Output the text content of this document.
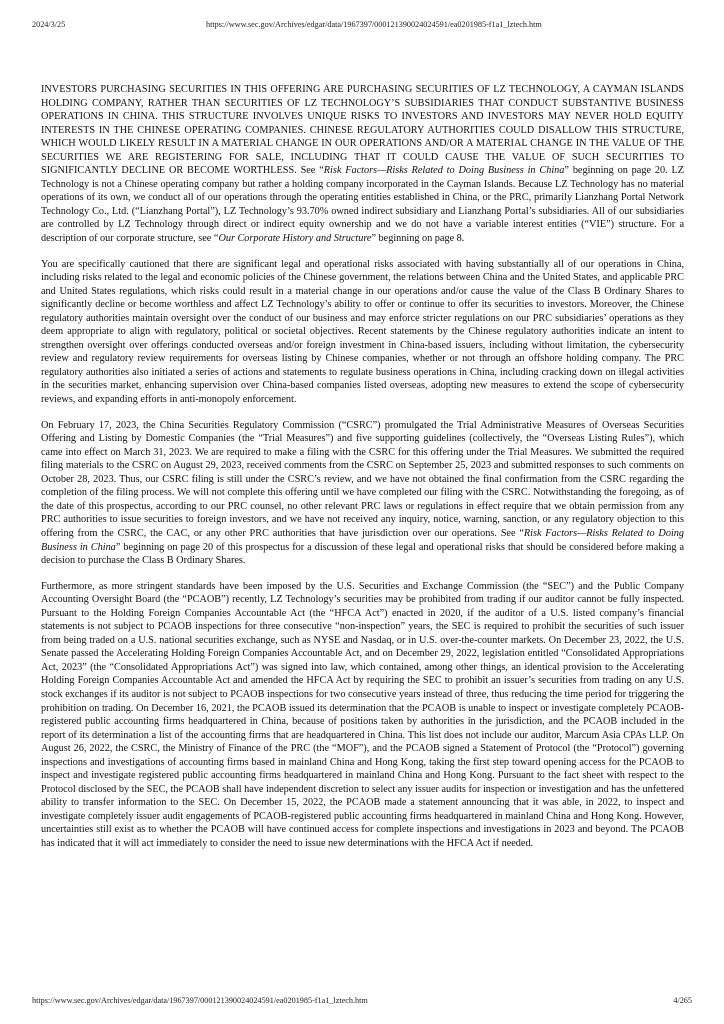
2024/3/25	https://www.sec.gov/Archives/edgar/data/1967397/000121390024024591/ea0201985-f1a1_lztech.htm

INVESTORS PURCHASING SECURITIES IN THIS OFFERING ARE PURCHASING SECURITIES OF LZ TECHNOLOGY, A CAYMAN ISLANDS HOLDING COMPANY, RATHER THAN SECURITIES OF LZ TECHNOLOGY’S SUBSIDIARIES THAT CONDUCT SUBSTANTIVE BUSINESS OPERATIONS IN CHINA. THIS STRUCTURE INVOLVES UNIQUE RISKS TO INVESTORS AND INVESTORS MAY NEVER HOLD EQUITY INTERESTS IN THE CHINESE OPERATING COMPANIES. CHINESE REGULATORY AUTHORITIES COULD DISALLOW THIS STRUCTURE, WHICH WOULD LIKELY RESULT IN A MATERIAL CHANGE IN OUR OPERATIONS AND/OR A MATERIAL CHANGE IN THE VALUE OF THE SECURITIES WE ARE REGISTERING FOR SALE, INCLUDING THAT IT COULD CAUSE THE VALUE OF SUCH SECURITIES TO SIGNIFICANTLY DECLINE OR BECOME WORTHLESS. See “Risk Factors—Risks Related to Doing Business in China” beginning on page 20. LZ Technology is not a Chinese operating company but rather a holding company incorporated in the Cayman Islands. Because LZ Technology has no material operations of its own, we conduct all of our operations through the operating entities established in China, or the PRC, primarily Lianzhang Portal Network Technology Co., Ltd. (“Lianzhang Portal”), LZ Technology’s 93.70% owned indirect subsidiary and Lianzhang Portal’s subsidiaries. All of our subsidiaries are controlled by LZ Technology through direct or indirect equity ownership and we do not have a variable interest entities (“VIE”) structure. For a description of our corporate structure, see “Our Corporate History and Structure” beginning on page 8.

You are specifically cautioned that there are significant legal and operational risks associated with having substantially all of our operations in China, including risks related to the legal and economic policies of the Chinese government, the relations between China and the United States, and applicable PRC and United States regulations, which risks could result in a material change in our operations and/or cause the value of the Class B Ordinary Shares to significantly decline or become worthless and affect LZ Technology’s ability to offer or continue to offer its securities to investors. Moreover, the Chinese regulatory authorities maintain oversight over the conduct of our business and may enforce stricter regulations on our PRC subsidiaries’ operations as they deem appropriate to align with regulatory, political or societal objectives. Recent statements by the Chinese regulatory authorities indicate an intent to strengthen oversight over offerings conducted overseas and/or foreign investment in China-based issuers, including without limitation, the cybersecurity review and regulatory review requirements for overseas listing by Chinese companies, whether or not through an offshore holding company. The PRC regulatory authorities also initiated a series of actions and statements to regulate business operations in China, including cracking down on illegal activities in the securities market, enhancing supervision over China-based companies listed overseas, adopting new measures to extend the scope of cybersecurity reviews, and expanding efforts in anti-monopoly enforcement.

On February 17, 2023, the China Securities Regulatory Commission (“CSRC”) promulgated the Trial Administrative Measures of Overseas Securities Offering and Listing by Domestic Companies (the “Trial Measures”) and five supporting guidelines (collectively, the “Overseas Listing Rules”), which came into effect on March 31, 2023. We are required to make a filing with the CSRC for this offering under the Trial Measures. We submitted the required filing materials to the CSRC on August 29, 2023, received comments from the CSRC on September 25, 2023 and submitted responses to such comments on October 28, 2023. Thus, our CSRC filing is still under the CSRC’s review, and we have not obtained the final confirmation from the CSRC regarding the completion of the filing process. We will not complete this offering until we have completed our filing with the CSRC. Notwithstanding the foregoing, as of the date of this prospectus, according to our PRC counsel, no other relevant PRC laws or regulations in effect require that we obtain permission from any PRC authorities to issue securities to foreign investors, and we have not received any inquiry, notice, warning, sanction, or any regulatory objection to this offering from the CSRC, the CAC, or any other PRC authorities that have jurisdiction over our operations. See “Risk Factors—Risks Related to Doing Business in China” beginning on page 20 of this prospectus for a discussion of these legal and operational risks that should be considered before making a decision to purchase the Class B Ordinary Shares.

Furthermore, as more stringent standards have been imposed by the U.S. Securities and Exchange Commission (the “SEC”) and the Public Company Accounting Oversight Board (the “PCAOB”) recently, LZ Technology’s securities may be prohibited from trading if our auditor cannot be fully inspected. Pursuant to the Holding Foreign Companies Accountable Act (the “HFCA Act”) enacted in 2020, if the auditor of a U.S. listed company’s financial statements is not subject to PCAOB inspections for three consecutive “non-inspection” years, the SEC is required to prohibit the securities of such issuer from being traded on a U.S. national securities exchange, such as NYSE and Nasdaq, or in U.S. over-the-counter markets. On December 23, 2022, the U.S. Senate passed the Accelerating Holding Foreign Companies Accountable Act, and on December 29, 2022, legislation entitled “Consolidated Appropriations Act, 2023” (the “Consolidated Appropriations Act”) was signed into law, which contained, among other things, an identical provision to the Accelerating Holding Foreign Companies Accountable Act and amended the HFCA Act by requiring the SEC to prohibit an issuer’s securities from trading on any U.S. stock exchanges if its auditor is not subject to PCAOB inspections for two consecutive years instead of three, thus reducing the time period for triggering the prohibition on trading. On December 16, 2021, the PCAOB issued its determination that the PCAOB is unable to inspect or investigate completely PCAOB-registered public accounting firms headquartered in China, because of positions taken by authorities in the jurisdiction, and the PCAOB included in the report of its determination a list of the accounting firms that are headquartered in China. This list does not include our auditor, Marcum Asia CPAs LLP. On August 26, 2022, the CSRC, the Ministry of Finance of the PRC (the “MOF”), and the PCAOB signed a Statement of Protocol (the “Protocol”) governing inspections and investigations of accounting firms based in mainland China and Hong Kong, taking the first step toward opening access for the PCAOB to inspect and investigate registered public accounting firms headquartered in mainland China and Hong Kong. Pursuant to the fact sheet with respect to the Protocol disclosed by the SEC, the PCAOB shall have independent discretion to select any issuer audits for inspection or investigation and has the unfettered ability to transfer information to the SEC. On December 15, 2022, the PCAOB made a statement announcing that it was able, in 2022, to inspect and investigate completely issuer audit engagements of PCAOB-registered public accounting firms headquartered in mainland China and Hong Kong. However, uncertainties still exist as to whether the PCAOB will have continued access for complete inspections and investigations in 2023 and beyond. The PCAOB has indicated that it will act immediately to consider the need to issue new determinations with the HFCA Act if needed.

https://www.sec.gov/Archives/edgar/data/1967397/000121390024024591/ea0201985-f1a1_lztech.htm	4/265
